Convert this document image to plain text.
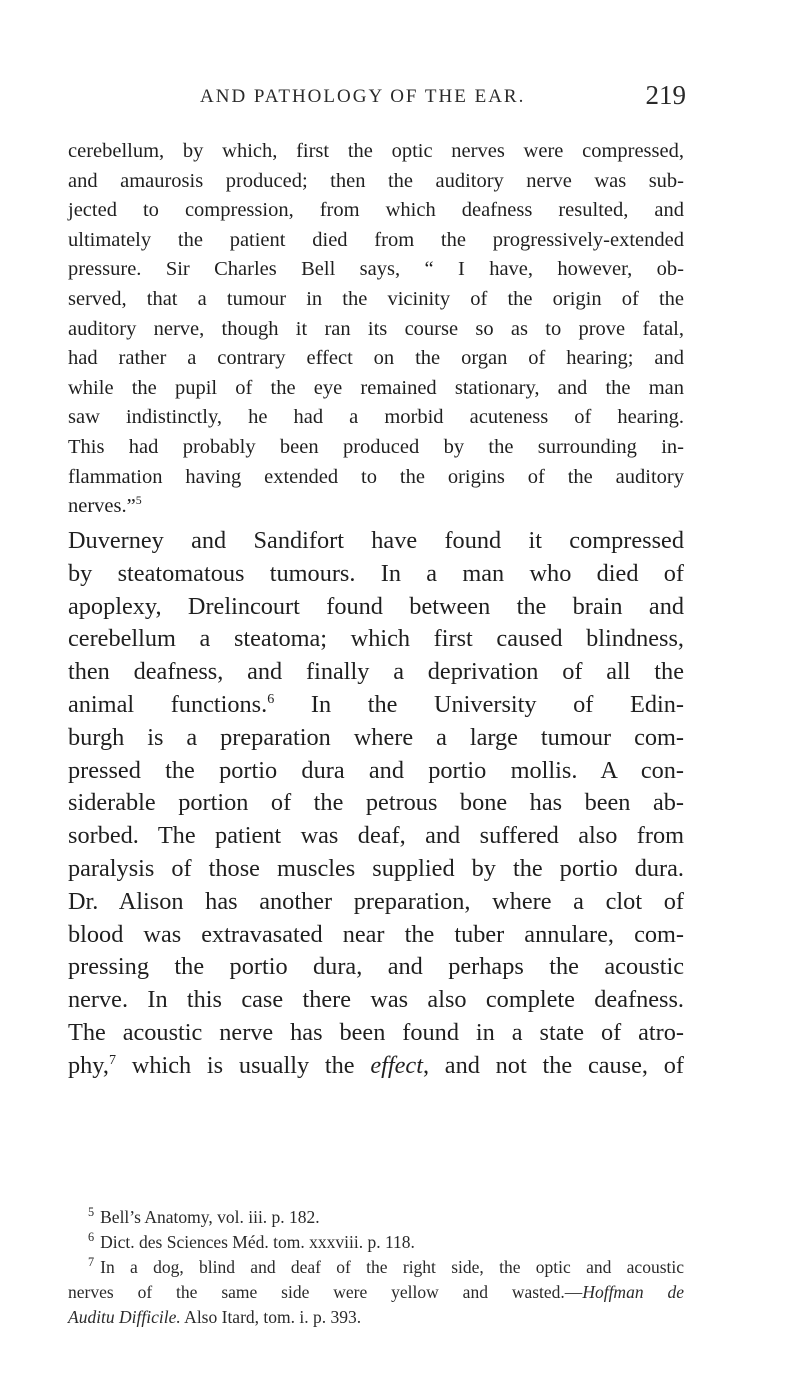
AND PATHOLOGY OF THE EAR.	219
cerebellum, by which, first the optic nerves were compressed,
and amaurosis produced; then the auditory nerve was sub-
jected to compression, from which deafness resulted, and
ultimately the patient died from the progressively-extended
pressure. Sir Charles Bell says, “ I have, however, ob-
served, that a tumour in the vicinity of the origin of the
auditory nerve, though it ran its course so as to prove fatal,
had rather a contrary effect on the organ of hearing; and
while the pupil of the eye remained stationary, and the man
saw indistinctly, he had a morbid acuteness of hearing.
This had probably been produced by the surrounding in-
flammation having extended to the origins of the auditory
nerves.”$^5$
Duverney and Sandifort have found it compressed
by steatomatous tumours. In a man who died of
apoplexy, Drelincourt found between the brain and
cerebellum a steatoma; which first caused blindness,
then deafness, and finally a deprivation of all the
animal functions.$^6$ In the University of Edin-
burgh is a preparation where a large tumour com-
pressed the portio dura and portio mollis. A con-
siderable portion of the petrous bone has been ab-
sorbed. The patient was deaf, and suffered also from
paralysis of those muscles supplied by the portio dura.
Dr. Alison has another preparation, where a clot of
blood was extravasated near the tuber annulare, com-
pressing the portio dura, and perhaps the acoustic
nerve. In this case there was also complete deafness.
The acoustic nerve has been found in a state of atro-
phy,$^7$ which is usually the effect, and not the cause, of
$^5$ Bell’s Anatomy, vol. iii. p. 182.
$^6$ Dict. des Sciences Méd. tom. xxxviii. p. 118.
$^7$ In a dog, blind and deaf of the right side, the optic and acoustic
nerves of the same side were yellow and wasted.—Hoffman de
Auditu Difficile. Also Itard, tom. i. p. 393.
